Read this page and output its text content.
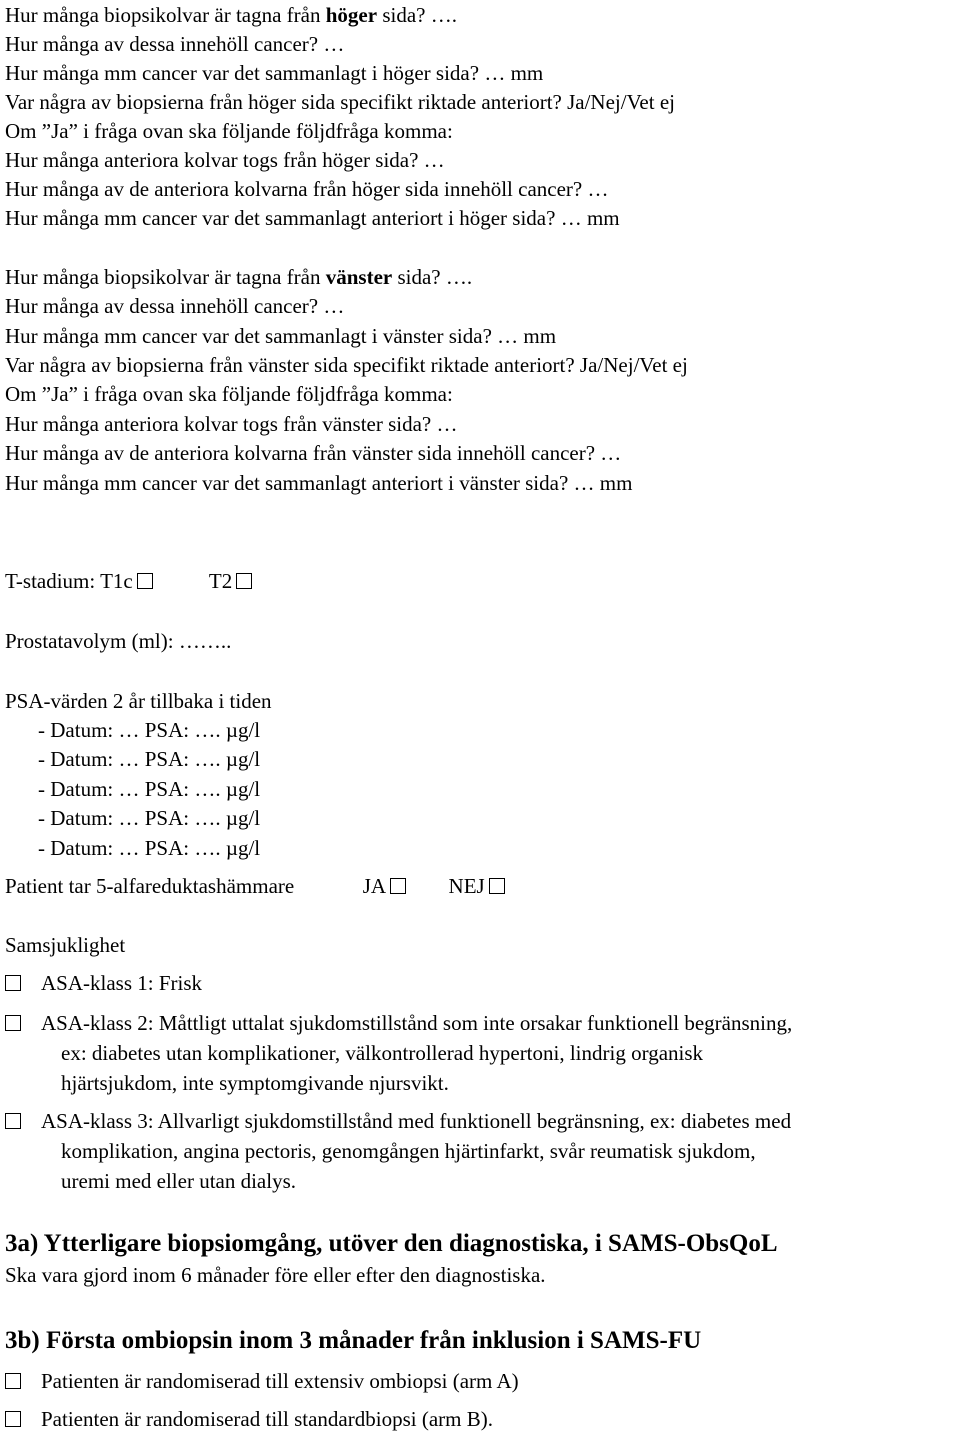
Hur många biopsikolvar är tagna från höger sida? ….
Hur många av dessa innehöll cancer? …
Hur många mm cancer var det sammanlagt i höger sida? … mm
Var några av biopsierna från höger sida specifikt riktade anteriort? Ja/Nej/Vet ej
Om ”Ja” i fråga ovan ska följande följdfråga komma:
Hur många anteriora kolvar togs från höger sida? …
Hur många av de anteriora kolvarna från höger sida innehöll cancer? …
Hur många mm cancer var det sammanlagt anteriort i höger sida? … mm
Hur många biopsikolvar är tagna från vänster sida? ….
Hur många av dessa innehöll cancer? …
Hur många mm cancer var det sammanlagt i vänster sida? … mm
Var några av biopsierna från vänster sida specifikt riktade anteriort? Ja/Nej/Vet ej
Om ”Ja” i fråga ovan ska följande följdfråga komma:
Hur många anteriora kolvar togs från vänster sida? …
Hur många av de anteriora kolvarna från vänster sida innehöll cancer? …
Hur många mm cancer var det sammanlagt anteriort i vänster sida? … mm
T-stadium: T1c	T2
Prostatavolym (ml): ……..
PSA-värden 2 år tillbaka i tiden
- Datum: … PSA: …. µg/l
- Datum: … PSA: …. µg/l
- Datum: … PSA: …. µg/l
- Datum: … PSA: …. µg/l
- Datum: … PSA: …. µg/l
Patient tar 5-alfareduktashämmare	JA	NEJ
Samsjuklighet
ASA-klass 1: Frisk
ASA-klass 2: Måttligt uttalat sjukdomstillstånd som inte orsakar funktionell begränsning,
ex: diabetes utan komplikationer, välkontrollerad hypertoni, lindrig organisk
hjärtsjukdom, inte symptomgivande njursvikt.
ASA-klass 3: Allvarligt sjukdomstillstånd med funktionell begränsning, ex: diabetes med
komplikation, angina pectoris, genomgången hjärtinfarkt, svår reumatisk sjukdom,
uremi med eller utan dialys.
3a) Ytterligare biopsiomgång, utöver den diagnostiska, i SAMS-ObsQoL
Ska vara gjord inom 6 månader före eller efter den diagnostiska.
3b) Första ombiopsin inom 3 månader från inklusion i SAMS-FU
Patienten är randomiserad till extensiv ombiopsi (arm A)
Patienten är randomiserad till standardbiopsi (arm B).
